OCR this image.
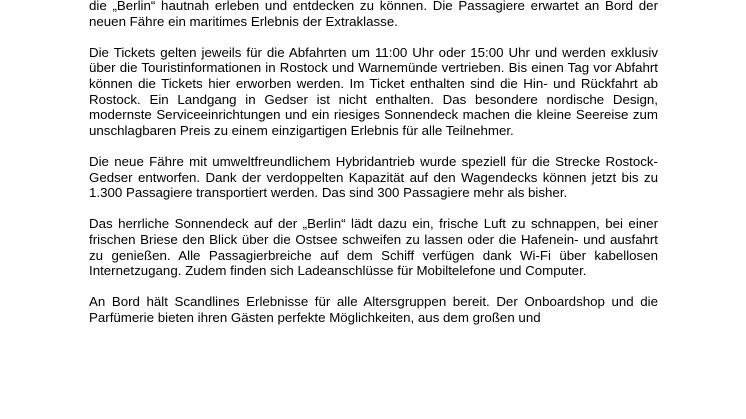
die „Berlin“ hautnah erleben und entdecken zu können. Die Passagiere erwartet an Bord der neuen Fähre ein maritimes Erlebnis der Extraklasse.

Die Tickets gelten jeweils für die Abfahrten um 11:00 Uhr oder 15:00 Uhr und werden exklusiv über die Touristinformationen in Rostock und Warnemünde vertrieben. Bis einen Tag vor Abfahrt können die Tickets hier erworben werden. Im Ticket enthalten sind die Hin- und Rückfahrt ab Rostock. Ein Landgang in Gedser ist nicht enthalten. Das besondere nordische Design, modernste Serviceeinrichtungen und ein riesiges Sonnendeck machen die kleine Seereise zum unschlagbaren Preis zu einem einzigartigen Erlebnis für alle Teilnehmer.

Die neue Fähre mit umweltfreundlichem Hybridantrieb wurde speziell für die Strecke Rostock-Gedser entworfen. Dank der verdoppelten Kapazität auf den Wagendecks können jetzt bis zu 1.300 Passagiere transportiert werden. Das sind 300 Passagiere mehr als bisher.

Das herrliche Sonnendeck auf der „Berlin“ lädt dazu ein, frische Luft zu schnappen, bei einer frischen Briese den Blick über die Ostsee schweifen zu lassen oder die Hafenein- und ausfahrt zu genießen. Alle Passagierbreiche auf dem Schiff verfügen dank Wi-Fi über kabellosen Internetzugang. Zudem finden sich Ladeanschlüsse für Mobiltelefone und Computer.

An Bord hält Scandlines Erlebnisse für alle Altersgruppen bereit. Der Onboardshop und die Parfümerie bieten ihren Gästen perfekte Möglichkeiten, aus dem großen und
